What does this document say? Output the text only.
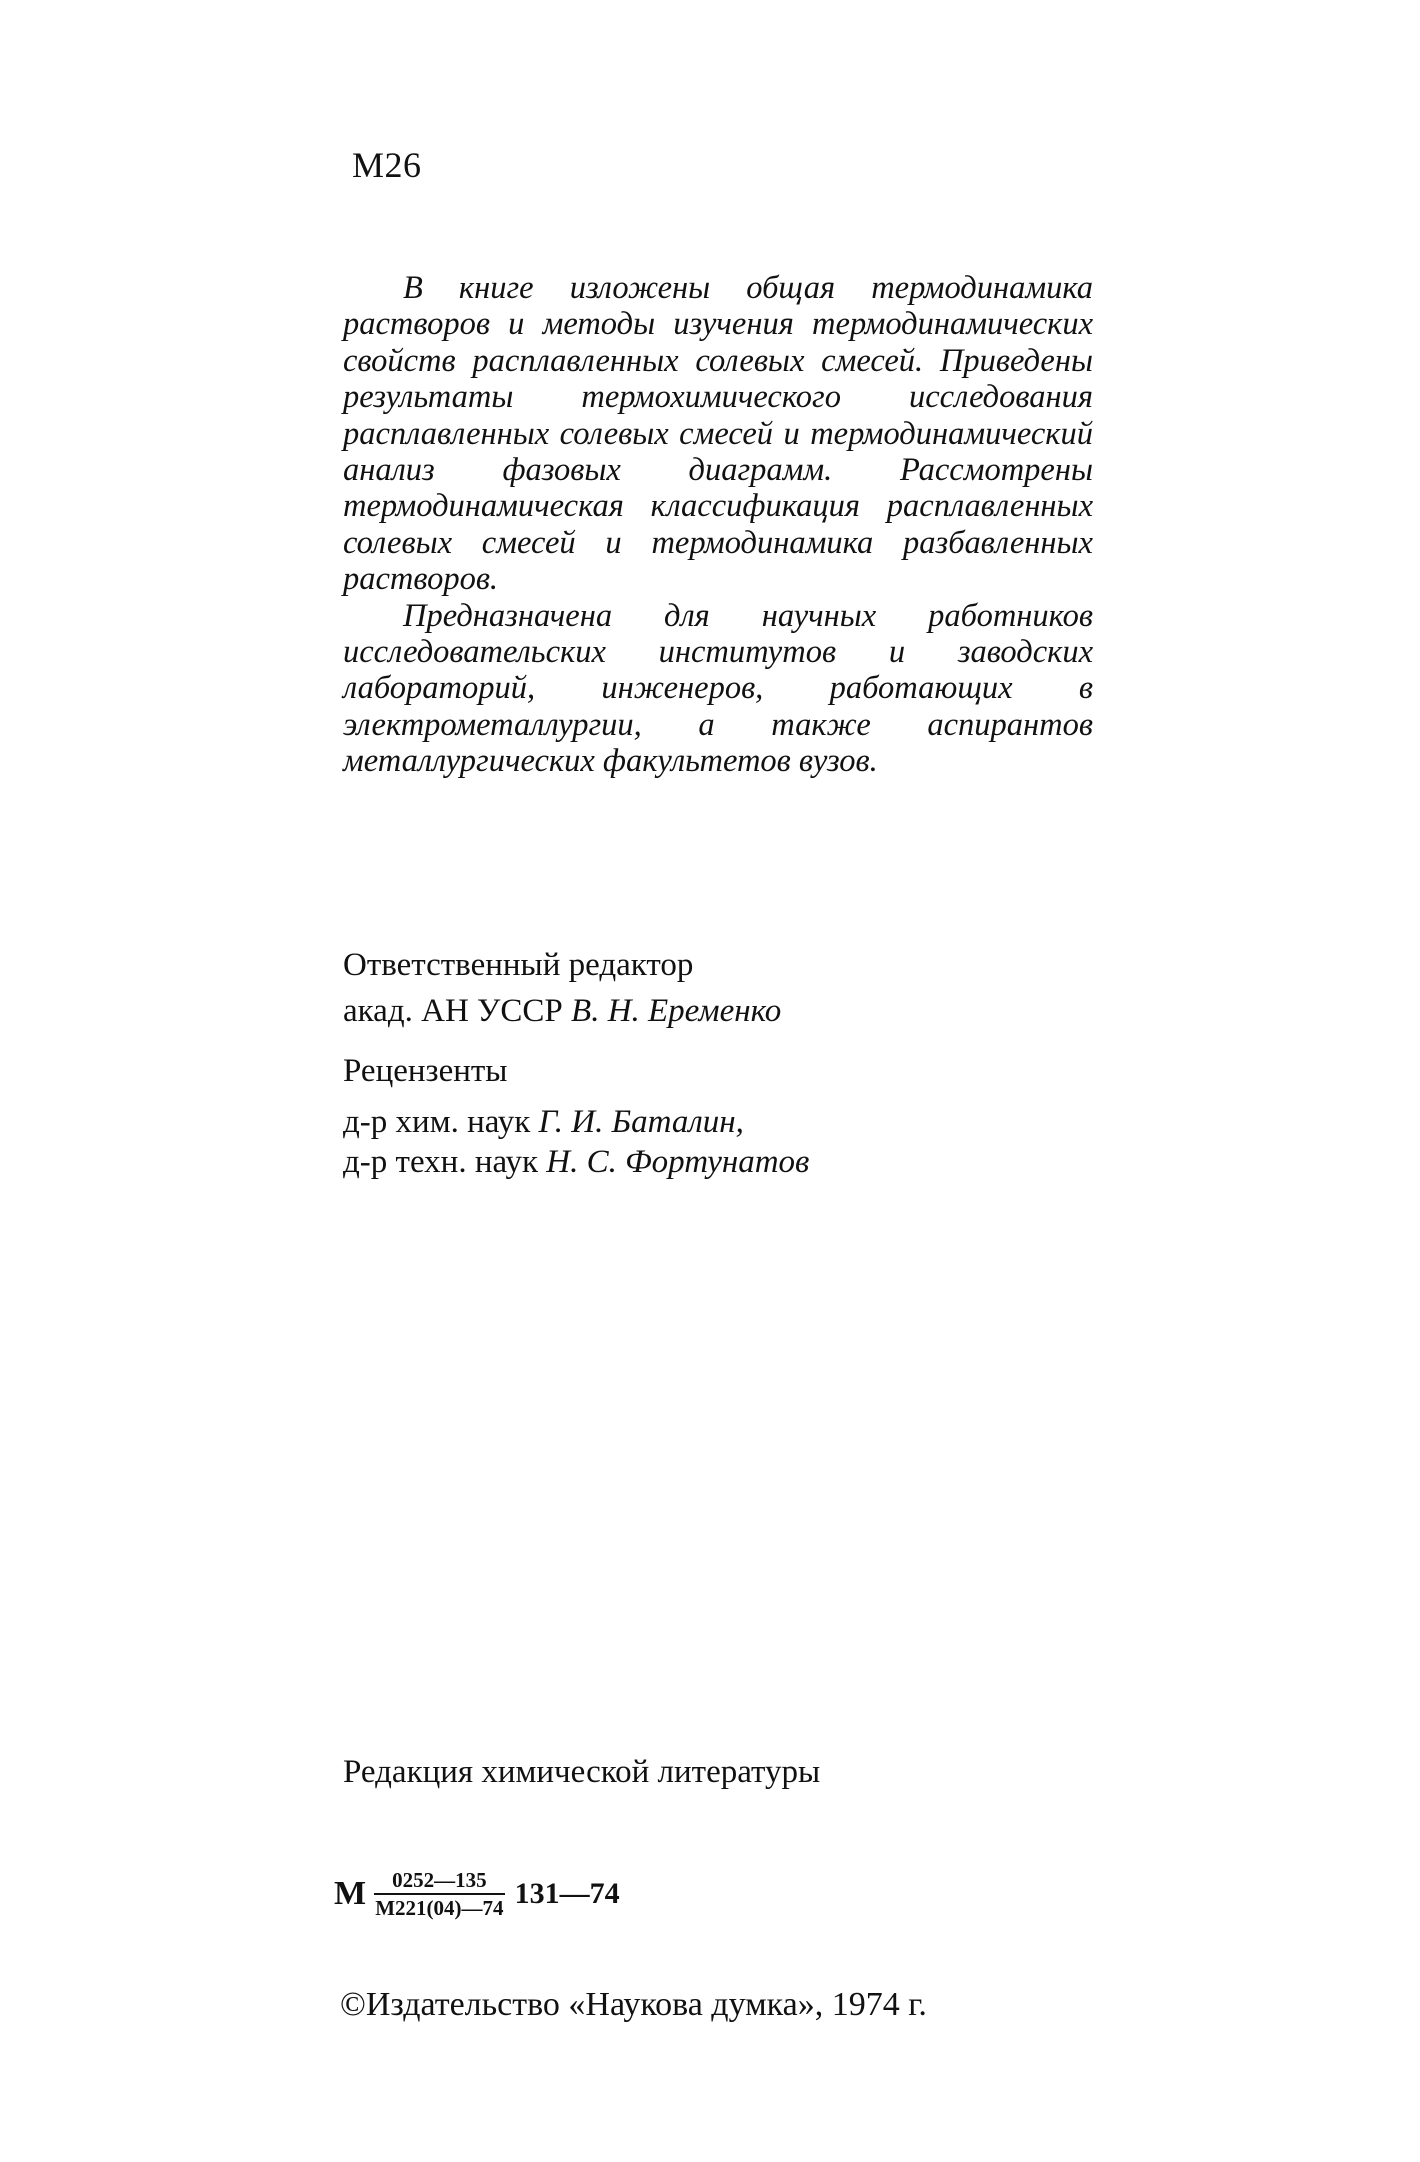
М26

В книге изложены общая термодинамика растворов и методы изучения термодинамических свойств расплавленных солевых смесей. Приведены результаты термохимического исследования расплавленных солевых смесей и термодинамический анализ фазовых диаграмм. Рассмотрены термодинамическая классификация расплавленных солевых смесей и термодинамика разбавленных растворов.

Предназначена для научных работников исследовательских институтов и заводских лабораторий, инженеров, работающих в электрометаллургии, а также аспирантов металлургических факультетов вузов.

Ответственный редактор
акад. АН УССР В. Н. Еременко
Рецензенты
д-р хим. наук Г. И. Баталин,
д-р техн. наук Н. С. Фортунатов
Редакция химической литературы
М $\frac{0252—135}{М221(04)—74}$ 131—74
©Издательство «Наукова думка», 1974 г.
